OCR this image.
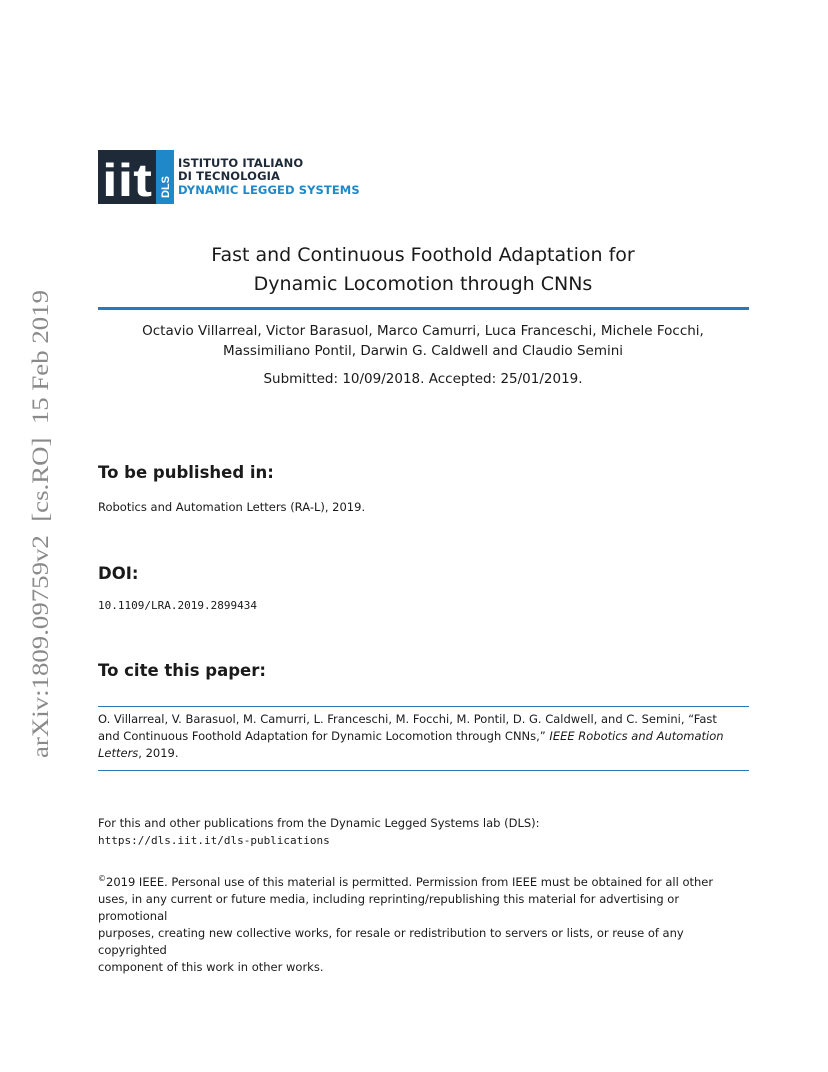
arXiv:1809.09759v2  [cs.RO]  15 Feb 2019
iit DLS
ISTITUTO ITALIANO
DI TECNOLOGIA
DYNAMIC LEGGED SYSTEMS
Fast and Continuous Foothold Adaptation for
Dynamic Locomotion through CNNs
Octavio Villarreal, Victor Barasuol, Marco Camurri, Luca Franceschi, Michele Focchi,
Massimiliano Pontil, Darwin G. Caldwell and Claudio Semini
Submitted: 10/09/2018. Accepted: 25/01/2019.
To be published in:
Robotics and Automation Letters (RA-L), 2019.
DOI:
10.1109/LRA.2019.2899434
To cite this paper:
O. Villarreal, V. Barasuol, M. Camurri, L. Franceschi, M. Focchi, M. Pontil, D. G. Caldwell, and C. Semini, “Fast
and Continuous Foothold Adaptation for Dynamic Locomotion through CNNs,” IEEE Robotics and Automation
Letters, 2019.
For this and other publications from the Dynamic Legged Systems lab (DLS):
https://dls.iit.it/dls-publications
©2019 IEEE. Personal use of this material is permitted. Permission from IEEE must be obtained for all other
uses, in any current or future media, including reprinting/republishing this material for advertising or promotional
purposes, creating new collective works, for resale or redistribution to servers or lists, or reuse of any copyrighted
component of this work in other works.
